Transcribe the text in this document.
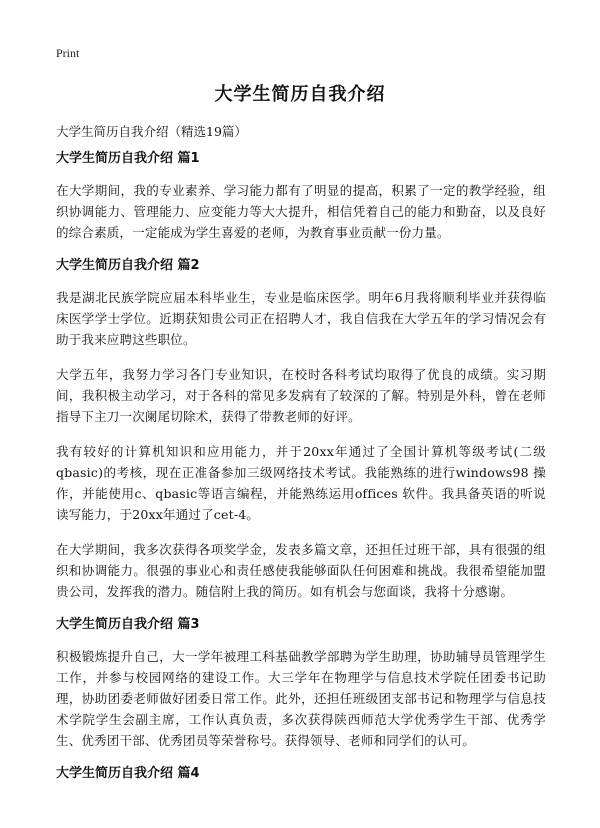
Print
大学生简历自我介绍
大学生简历自我介绍（精选19篇）
大学生简历自我介绍 篇1

在大学期间，我的专业素养、学习能力都有了明显的提高，积累了一定的教学经验，组织协调能力、管理能力、应变能力等大大提升，相信凭着自己的能力和勤奋，以及良好的综合素质，一定能成为学生喜爱的老师，为教育事业贡献一份力量。

大学生简历自我介绍 篇2

我是湖北民族学院应届本科毕业生，专业是临床医学。明年6月我将顺利毕业并获得临床医学学士学位。近期获知贵公司正在招聘人才，我自信我在大学五年的学习情况会有助于我来应聘这些职位。

大学五年，我努力学习各门专业知识，在校时各科考试均取得了优良的成绩。实习期间，我积极主动学习，对于各科的常见多发病有了较深的了解。特别是外科，曾在老师指导下主刀一次阑尾切除术，获得了带教老师的好评。

我有较好的计算机知识和应用能力，并于20xx年通过了全国计算机等级考试(二级qbasic)的考核，现在正准备参加三级网络技术考试。我能熟练的进行windows98 操作，并能使用c、qbasic等语言编程，并能熟练运用offices 软件。我具备英语的听说读写能力，于20xx年通过了cet-4。

在大学期间，我多次获得各项奖学金，发表多篇文章，还担任过班干部，具有很强的组织和协调能力。很强的事业心和责任感使我能够面队任何困难和挑战。我很希望能加盟贵公司，发挥我的潜力。随信附上我的简历。如有机会与您面谈，我将十分感谢。

大学生简历自我介绍 篇3

积极锻炼提升自己，大一学年被理工科基础教学部聘为学生助理，协助辅导员管理学生工作，并参与校园网络的建设工作。大三学年在物理学与信息技术学院任团委书记助理，协助团委老师做好团委日常工作。此外，还担任班级团支部书记和物理学与信息技术学院学生会副主席，工作认真负责，多次获得陕西师范大学优秀学生干部、优秀学生、优秀团干部、优秀团员等荣誉称号。获得领导、老师和同学们的认可。

大学生简历自我介绍 篇4
